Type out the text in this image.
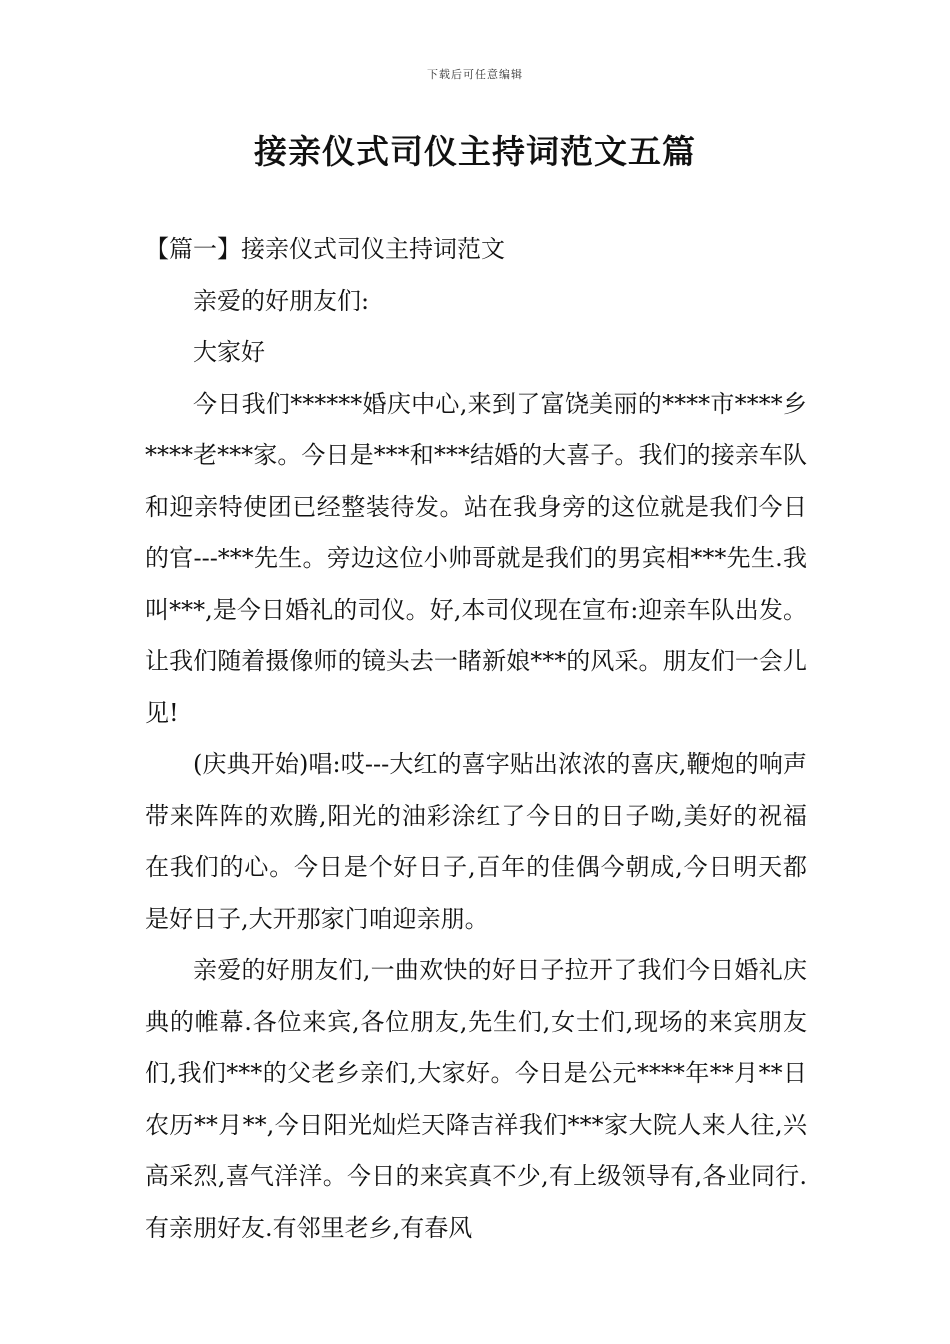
下载后可任意编辑
接亲仪式司仪主持词范文五篇

【篇一】接亲仪式司仪主持词范文

亲爱的好朋友们:

大家好

今日我们******婚庆中心,来到了富饶美丽的****市****乡****老***家。今日是***和***结婚的大喜子。我们的接亲车队和迎亲特使团已经整装待发。站在我身旁的这位就是我们今日的官---***先生。旁边这位小帅哥就是我们的男宾相***先生.我叫***,是今日婚礼的司仪。好,本司仪现在宣布:迎亲车队出发。让我们随着摄像师的镜头去一睹新娘***的风采。朋友们一会儿见!

(庆典开始)唱:哎---大红的喜字贴出浓浓的喜庆,鞭炮的响声带来阵阵的欢腾,阳光的油彩涂红了今日的日子呦,美好的祝福在我们的心。今日是个好日子,百年的佳偶今朝成,今日明天都是好日子,大开那家门咱迎亲朋。

亲爱的好朋友们,一曲欢快的好日子拉开了我们今日婚礼庆典的帷幕.各位来宾,各位朋友,先生们,女士们,现场的来宾朋友们,我们***的父老乡亲们,大家好。今日是公元****年**月**日农历**月**,今日阳光灿烂天降吉祥我们***家大院人来人往,兴高采烈,喜气洋洋。今日的来宾真不少,有上级领导有,各业同行.有亲朋好友.有邻里老乡,有春风
